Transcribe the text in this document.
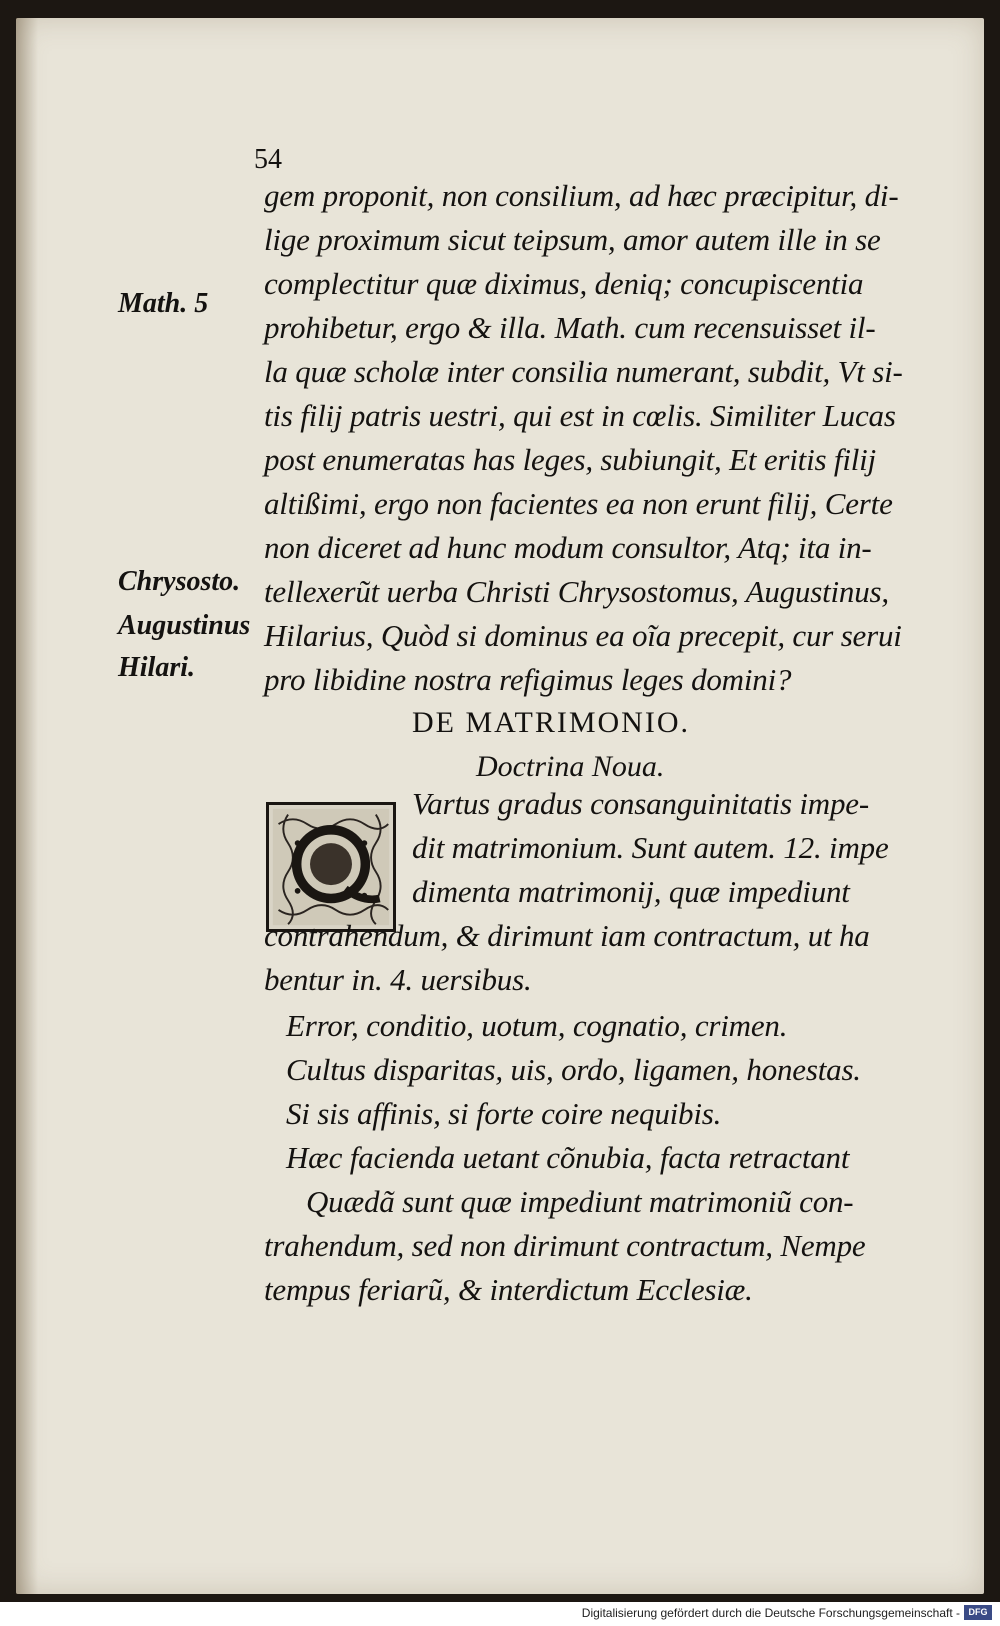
54
gem proponit, non consilium, ad hæc præcipitur, di-
lige proximum sicut teipsum, amor autem ille in se
complectitur quæ diximus, deniq; concupiscentia
prohibetur, ergo & illa. Math. cum recensuisset il-
la quæ scholæ inter consilia numerant, subdit, Vt si-
tis filij patris uestri, qui est in cœlis. Similiter Lucas
post enumeratas has leges, subiungit, Et eritis filij
altißimi, ergo non facientes ea non erunt filij, Certe
non diceret ad hunc modum consultor, Atq; ita in-
tellexerũt uerba Christi Chrysostomus, Augustinus,
Hilarius, Quòd si dominus ea oĩa precepit, cur serui
pro libidine nostra refigimus leges domini?
Math. 5
Chrysosto.
Augustinus
Hilari.
DE MATRIMONIO.
Doctrina Noua.
Vartus gradus consanguinitatis impe-
dit matrimonium. Sunt autem. 12. impe
dimenta matrimonij, quæ impediunt
contrahendum, & dirimunt iam contractum, ut ha
bentur in. 4. uersibus.
Error, conditio, uotum, cognatio, crimen.
Cultus disparitas, uis, ordo, ligamen, honestas.
Si sis affinis, si forte coire nequibis.
Hæc facienda uetant cõnubia, facta retractant
Quædã sunt quæ impediunt matrimoniũ con-
trahendum, sed non dirimunt contractum, Nempe
tempus feriarũ, & interdictum Ecclesiæ.
Digitalisierung gefördert durch die Deutsche Forschungsgemeinschaft - DFG
